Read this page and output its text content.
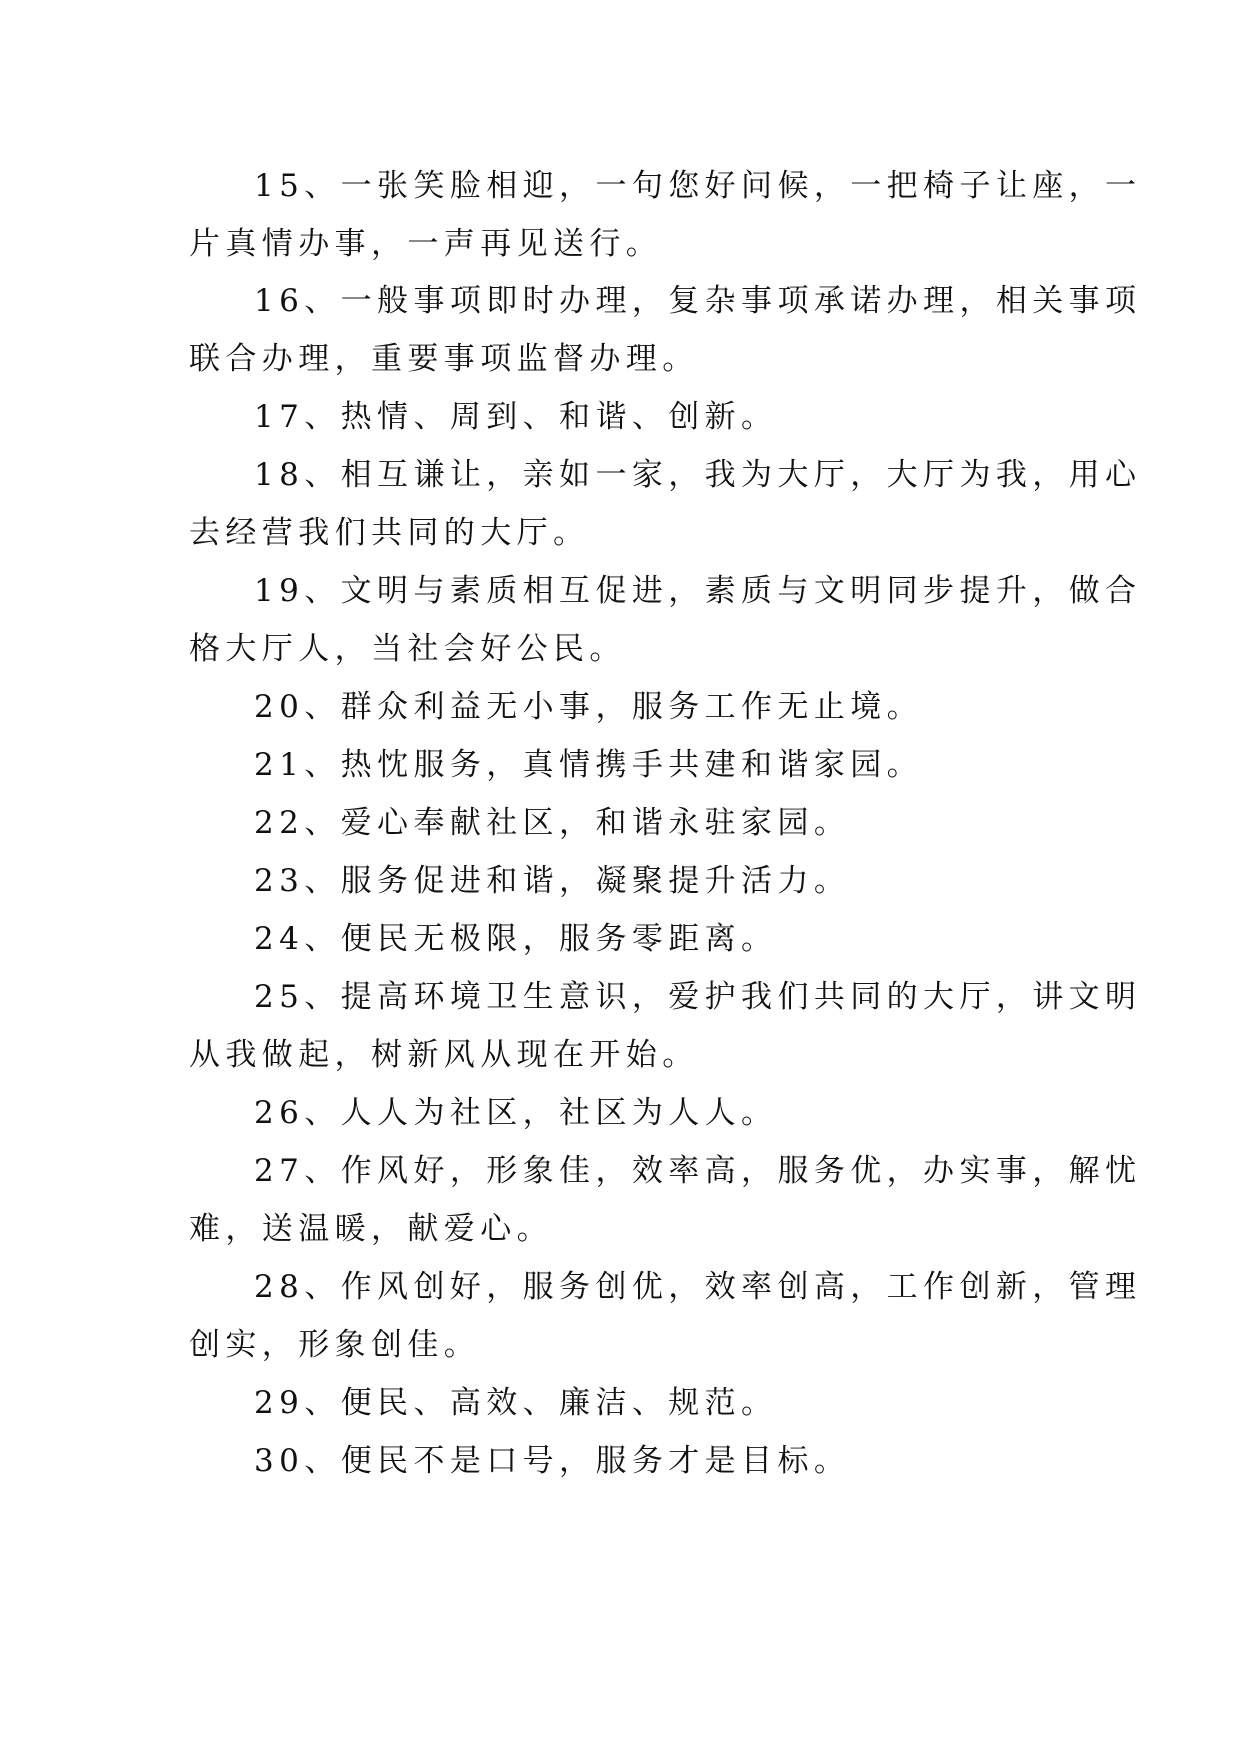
15、一张笑脸相迎，一句您好问候，一把椅子让座，一
片真情办事，一声再见送行。
16、一般事项即时办理，复杂事项承诺办理，相关事项
联合办理，重要事项监督办理。
17、热情、周到、和谐、创新。
18、相互谦让，亲如一家，我为大厅，大厅为我，用心
去经营我们共同的大厅。
19、文明与素质相互促进，素质与文明同步提升，做合
格大厅人，当社会好公民。
20、群众利益无小事，服务工作无止境。
21、热忱服务，真情携手共建和谐家园。
22、爱心奉献社区，和谐永驻家园。
23、服务促进和谐，凝聚提升活力。
24、便民无极限，服务零距离。
25、提高环境卫生意识，爱护我们共同的大厅，讲文明
从我做起，树新风从现在开始。
26、人人为社区，社区为人人。
27、作风好，形象佳，效率高，服务优，办实事，解忧
难，送温暖，献爱心。
28、作风创好，服务创优，效率创高，工作创新，管理
创实，形象创佳。
29、便民、高效、廉洁、规范。
30、便民不是口号，服务才是目标。
